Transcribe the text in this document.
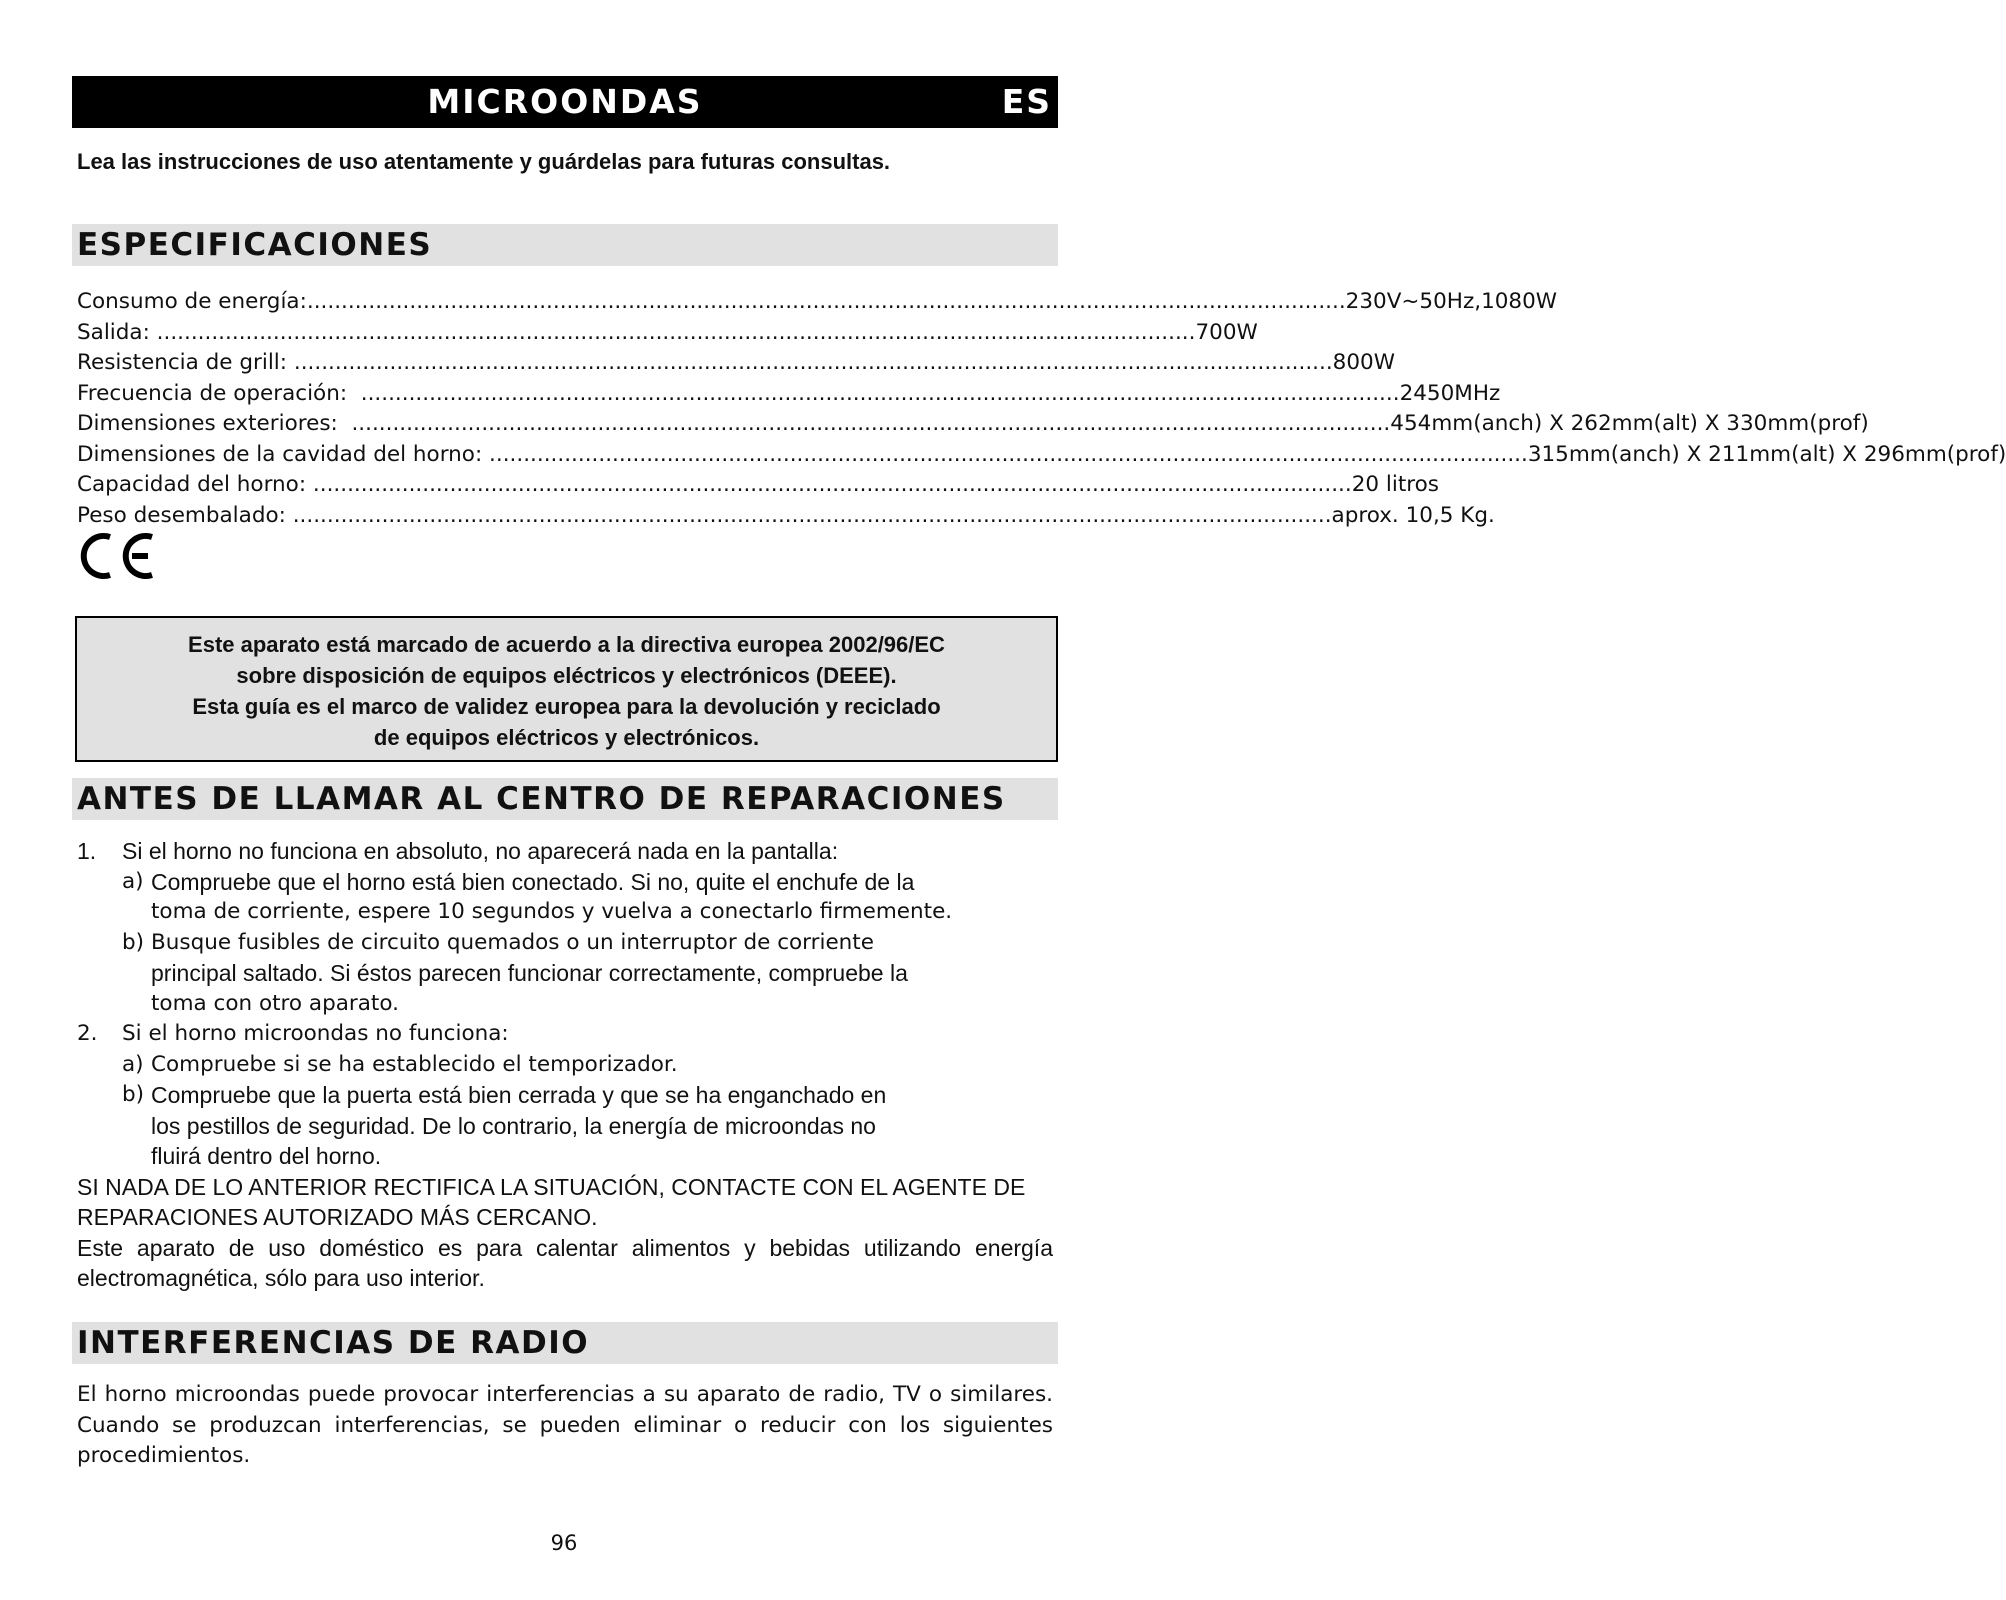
MICROONDAS	ES
Lea las instrucciones de uso atentamente y guárdelas para futuras consultas.
ESPECIFICACIONES
Consumo de energía: ........................................................................................................................................................ 230V~50Hz,1080W
Salida: ........................................................................................................................................................ 700W
Resistencia de grill: ........................................................................................................................................................ 800W
Frecuencia de operación: ........................................................................................................................................................ 2450MHz
Dimensiones exteriores: ........................................................................................................................................................ 454mm(anch) X 262mm(alt) X 330mm(prof)
Dimensiones de la cavidad del horno: ........................................................................................................................................................ 315mm(anch) X 211mm(alt) X 296mm(prof)
Capacidad del horno: ........................................................................................................................................................ 20 litros
Peso desembalado: ........................................................................................................................................................ aprox. 10,5 Kg.
Este aparato está marcado de acuerdo a la directiva europea 2002/96/EC
sobre disposición de equipos eléctricos y electrónicos (DEEE).
Esta guía es el marco de validez europea para la devolución y reciclado
de equipos eléctricos y electrónicos.
ANTES DE LLAMAR AL CENTRO DE REPARACIONES
1. Si el horno no funciona en absoluto, no aparecerá nada en la pantalla:
a) Compruebe que el horno está bien conectado. Si no, quite el enchufe de la
toma de corriente, espere 10 segundos y vuelva a conectarlo firmemente.
b) Busque fusibles de circuito quemados o un interruptor de corriente
principal saltado. Si éstos parecen funcionar correctamente, compruebe la
toma con otro aparato.
2. Si el horno microondas no funciona:
a) Compruebe si se ha establecido el temporizador.
b) Compruebe que la puerta está bien cerrada y que se ha enganchado en
los pestillos de seguridad. De lo contrario, la energía de microondas no
fluirá dentro del horno.
SI NADA DE LO ANTERIOR RECTIFICA LA SITUACIÓN, CONTACTE CON EL AGENTE DE REPARACIONES AUTORIZADO MÁS CERCANO.
Este aparato de uso doméstico es para calentar alimentos y bebidas utilizando energía electromagnética, sólo para uso interior.
INTERFERENCIAS DE RADIO
El horno microondas puede provocar interferencias a su aparato de radio, TV o similares. Cuando se produzcan interferencias, se pueden eliminar o reducir con los siguientes procedimientos.
96
